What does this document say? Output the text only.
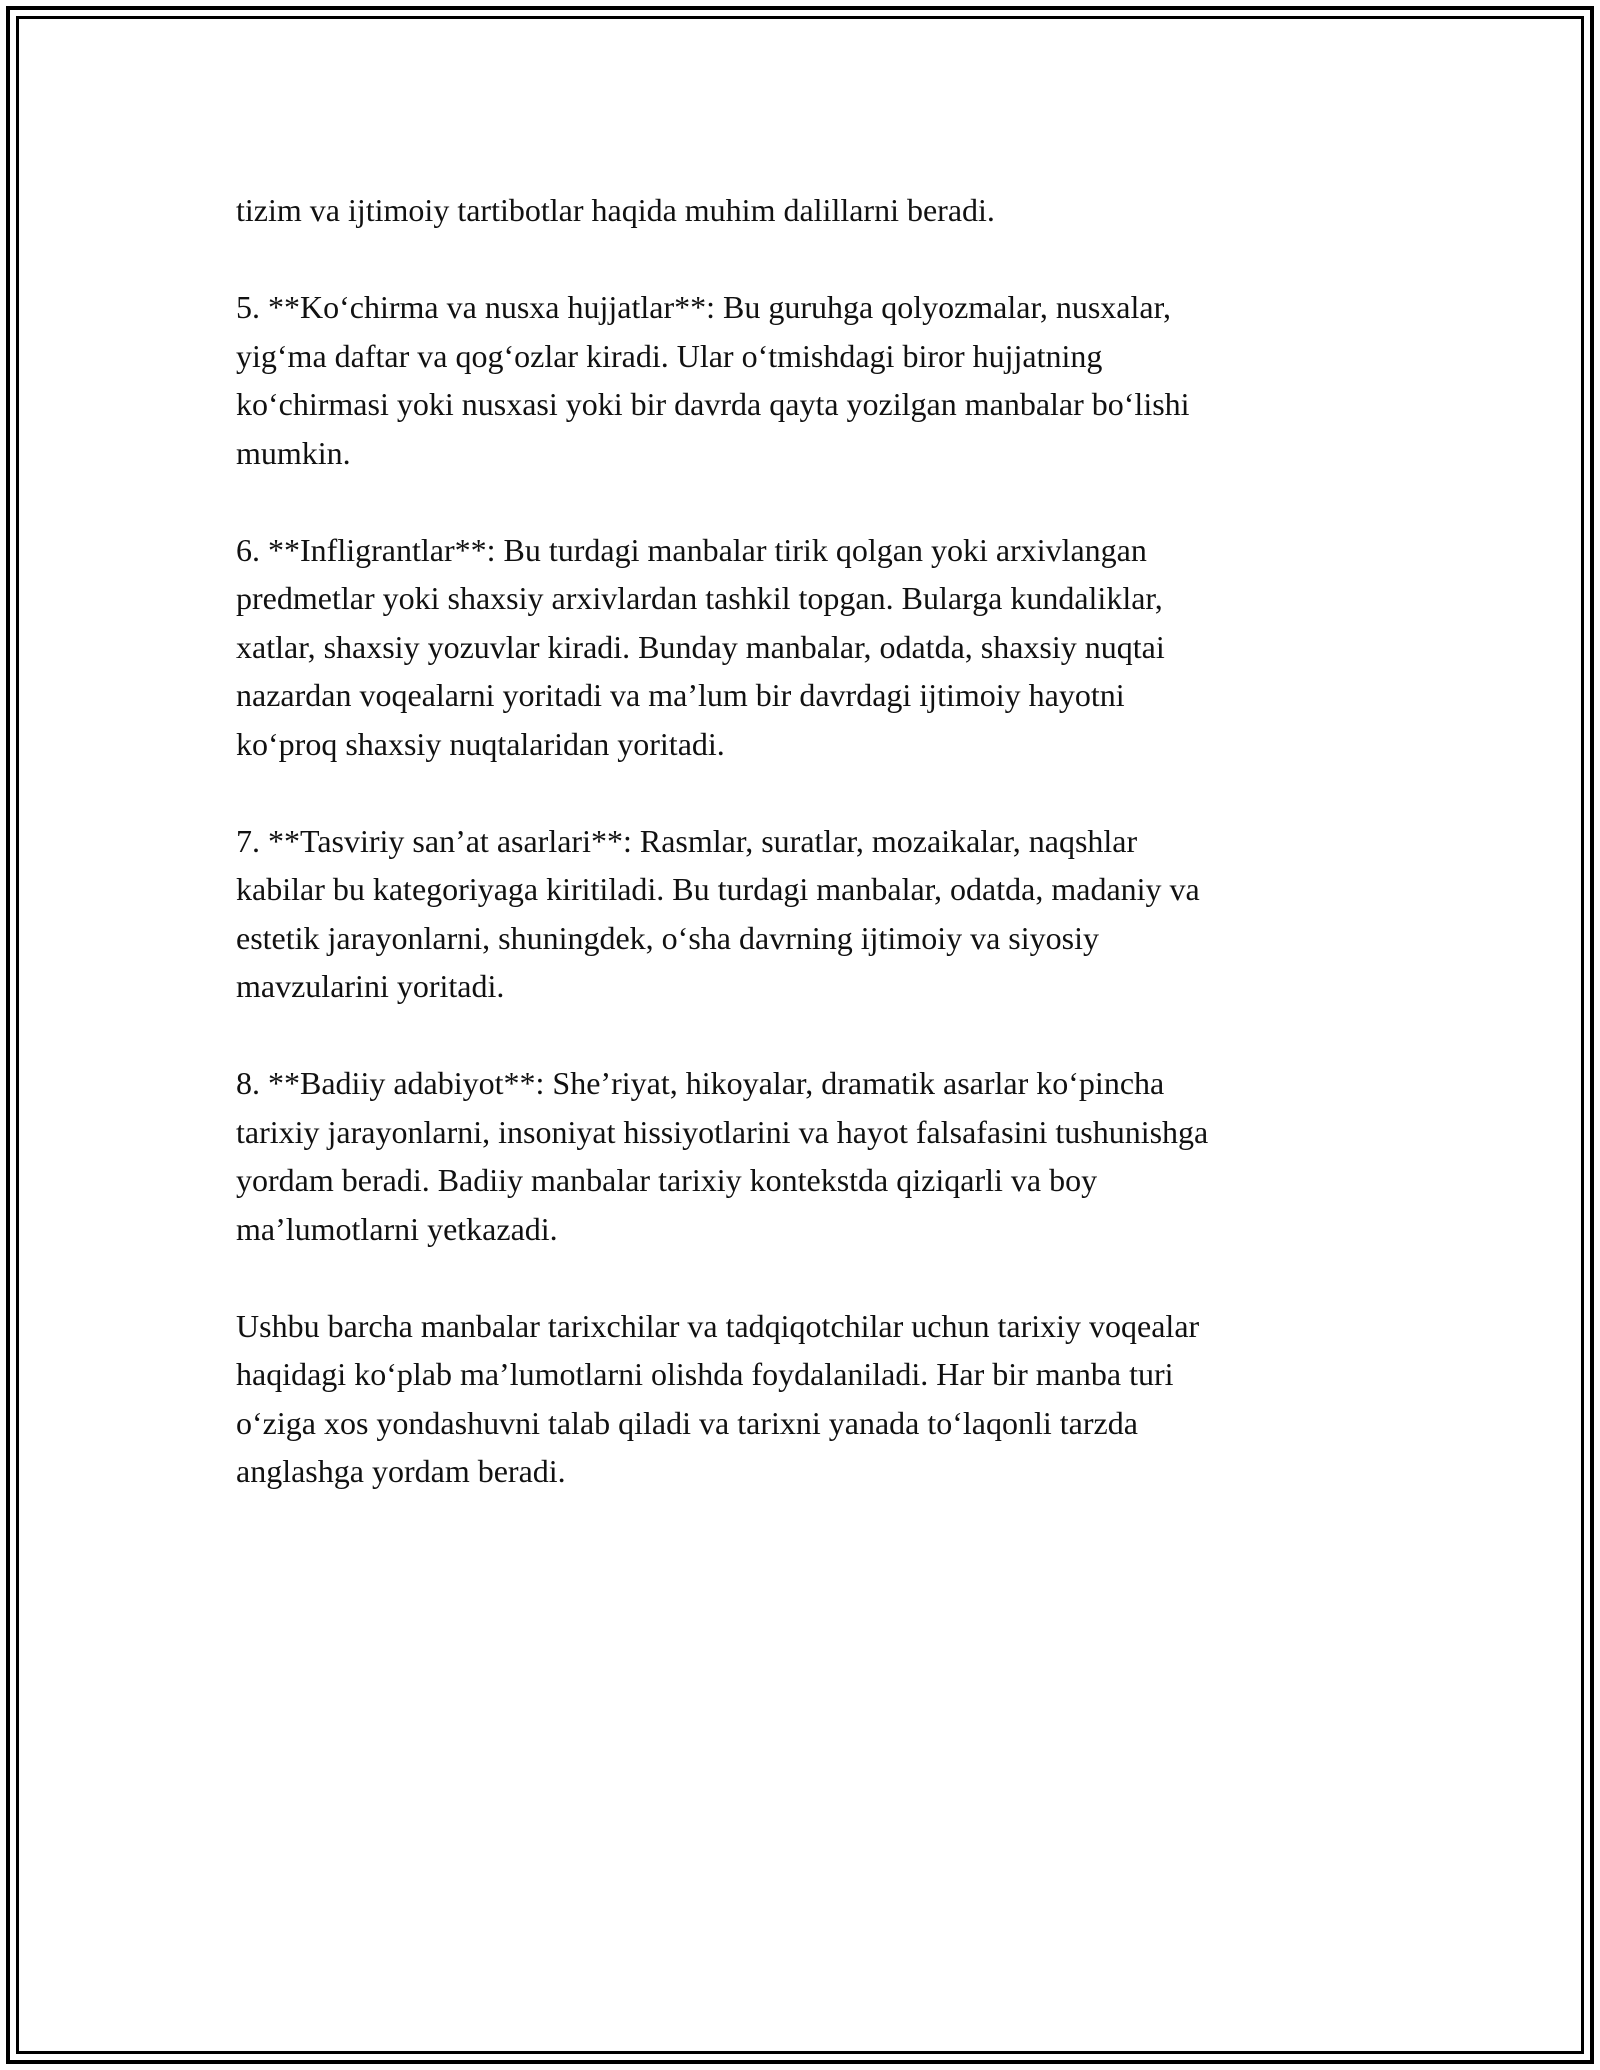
tizim va ijtimoiy tartibotlar haqida muhim dalillarni beradi.

5. **Ko‘chirma va nusxa hujjatlar**: Bu guruhga qolyozmalar, nusxalar,
yig‘ma daftar va qog‘ozlar kiradi. Ular o‘tmishdagi biror hujjatning
ko‘chirmasi yoki nusxasi yoki bir davrda qayta yozilgan manbalar bo‘lishi
mumkin.

6. **Infligrantlar**: Bu turdagi manbalar tirik qolgan yoki arxivlangan
predmetlar yoki shaxsiy arxivlardan tashkil topgan. Bularga kundaliklar,
xatlar, shaxsiy yozuvlar kiradi. Bunday manbalar, odatda, shaxsiy nuqtai
nazardan voqealarni yoritadi va ma’lum bir davrdagi ijtimoiy hayotni
ko‘proq shaxsiy nuqtalaridan yoritadi.

7. **Tasviriy san’at asarlari**: Rasmlar, suratlar, mozaikalar, naqshlar
kabilar bu kategoriyaga kiritiladi. Bu turdagi manbalar, odatda, madaniy va
estetik jarayonlarni, shuningdek, o‘sha davrning ijtimoiy va siyosiy
mavzularini yoritadi.

8. **Badiiy adabiyot**: She’riyat, hikoyalar, dramatik asarlar ko‘pincha
tarixiy jarayonlarni, insoniyat hissiyotlarini va hayot falsafasini tushunishga
yordam beradi. Badiiy manbalar tarixiy kontekstda qiziqarli va boy
ma’lumotlarni yetkazadi.

Ushbu barcha manbalar tarixchilar va tadqiqotchilar uchun tarixiy voqealar
haqidagi ko‘plab ma’lumotlarni olishda foydalaniladi. Har bir manba turi
o‘ziga xos yondashuvni talab qiladi va tarixni yanada to‘laqonli tarzda
anglashga yordam beradi.
